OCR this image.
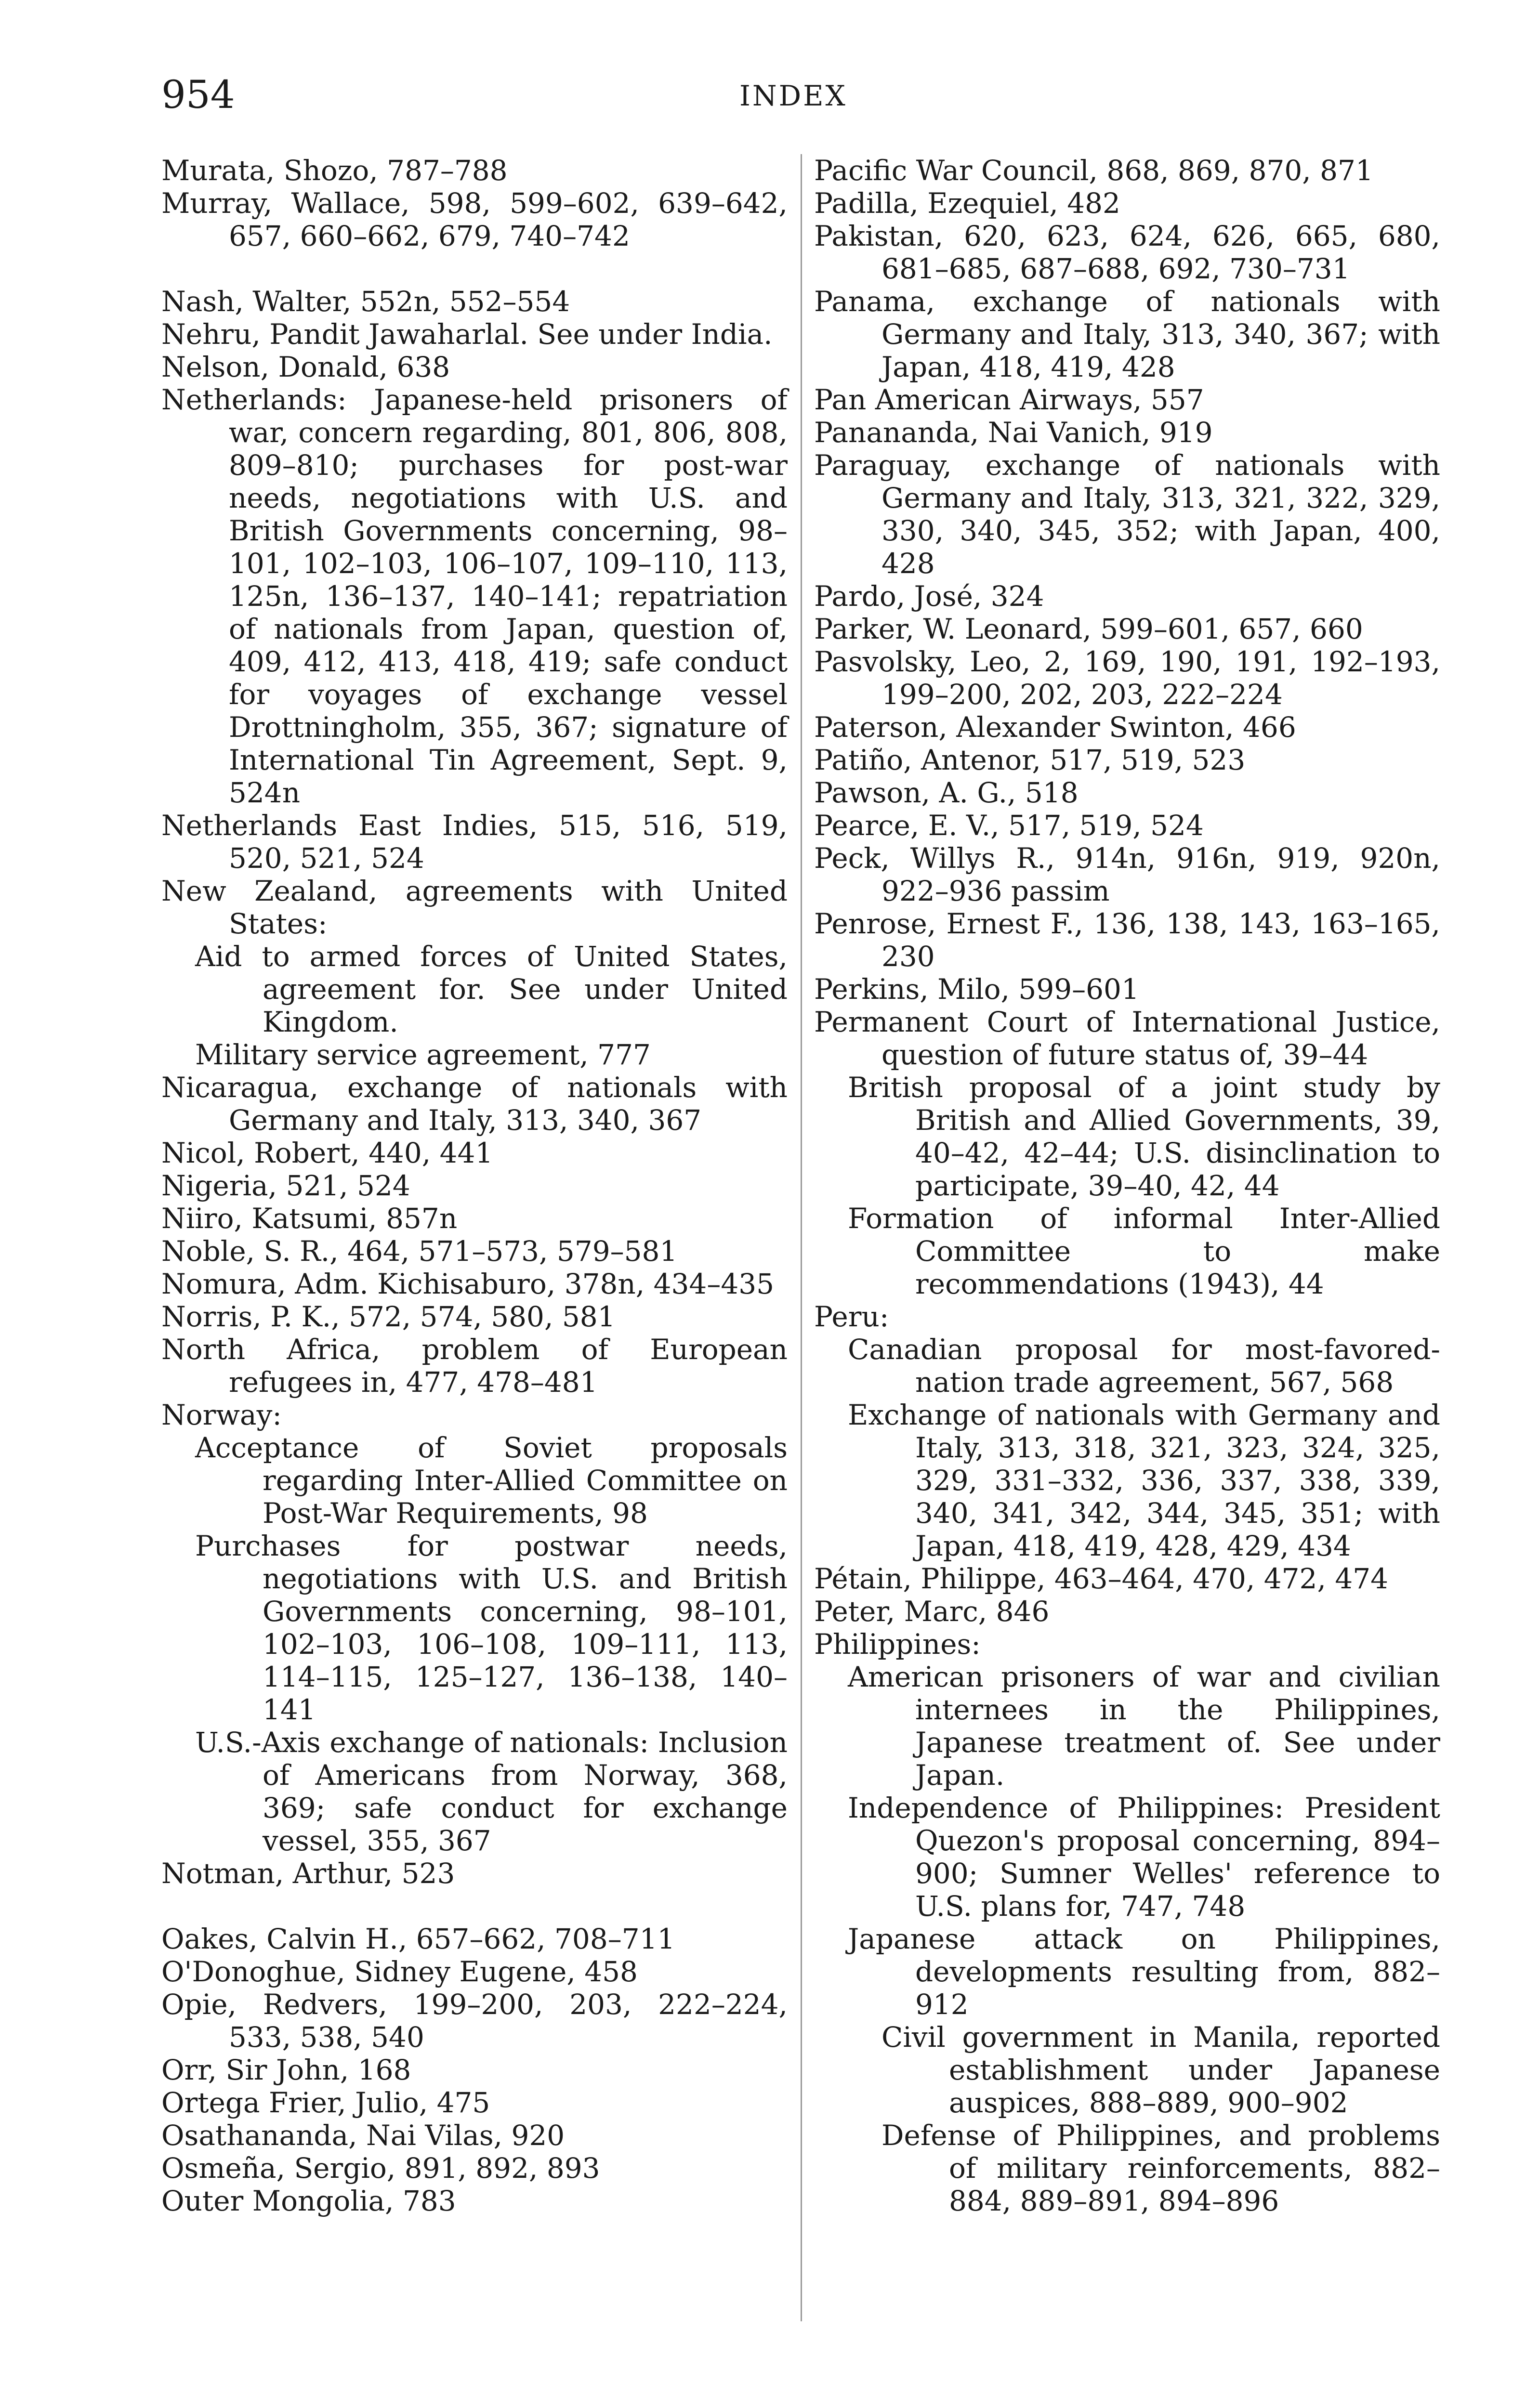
954	INDEX

Murata, Shozo, 787–788

Murray, Wallace, 598, 599–602, 639–642, 657, 660–662, 679, 740–742

Nash, Walter, 552n, 552–554

Nehru, Pandit Jawaharlal. See under India.

Nelson, Donald, 638

Netherlands: Japanese-held prisoners of war, concern regarding, 801, 806, 808, 809–810; purchases for post-war needs, negotiations with U.S. and British Governments concerning, 98–101, 102–103, 106–107, 109–110, 113, 125n, 136–137, 140–141; repatriation of nationals from Japan, question of, 409, 412, 413, 418, 419; safe conduct for voyages of exchange vessel Drottningholm, 355, 367; signature of International Tin Agreement, Sept. 9, 524n

Netherlands East Indies, 515, 516, 519, 520, 521, 524

New Zealand, agreements with United States:

Aid to armed forces of United States, agreement for. See under United Kingdom.

Military service agreement, 777

Nicaragua, exchange of nationals with Germany and Italy, 313, 340, 367

Nicol, Robert, 440, 441

Nigeria, 521, 524

Niiro, Katsumi, 857n

Noble, S. R., 464, 571–573, 579–581

Nomura, Adm. Kichisaburo, 378n, 434–435

Norris, P. K., 572, 574, 580, 581

North Africa, problem of European refugees in, 477, 478–481

Norway:

Acceptance of Soviet proposals regarding Inter-Allied Committee on Post-War Requirements, 98

Purchases for postwar needs, negotiations with U.S. and British Governments concerning, 98–101, 102–103, 106–108, 109–111, 113, 114–115, 125–127, 136–138, 140–141

U.S.-Axis exchange of nationals: Inclusion of Americans from Norway, 368, 369; safe conduct for exchange vessel, 355, 367

Notman, Arthur, 523

Oakes, Calvin H., 657–662, 708–711

O'Donoghue, Sidney Eugene, 458

Opie, Redvers, 199–200, 203, 222–224, 533, 538, 540

Orr, Sir John, 168

Ortega Frier, Julio, 475

Osathananda, Nai Vilas, 920

Osmeña, Sergio, 891, 892, 893

Outer Mongolia, 783

Pacific War Council, 868, 869, 870, 871

Padilla, Ezequiel, 482

Pakistan, 620, 623, 624, 626, 665, 680, 681–685, 687–688, 692, 730–731

Panama, exchange of nationals with Germany and Italy, 313, 340, 367; with Japan, 418, 419, 428

Pan American Airways, 557

Panananda, Nai Vanich, 919

Paraguay, exchange of nationals with Germany and Italy, 313, 321, 322, 329, 330, 340, 345, 352; with Japan, 400, 428

Pardo, José, 324

Parker, W. Leonard, 599–601, 657, 660

Pasvolsky, Leo, 2, 169, 190, 191, 192–193, 199–200, 202, 203, 222–224

Paterson, Alexander Swinton, 466

Patiño, Antenor, 517, 519, 523

Pawson, A. G., 518

Pearce, E. V., 517, 519, 524

Peck, Willys R., 914n, 916n, 919, 920n, 922–936 passim

Penrose, Ernest F., 136, 138, 143, 163–165, 230

Perkins, Milo, 599–601

Permanent Court of International Justice, question of future status of, 39–44

British proposal of a joint study by British and Allied Governments, 39, 40–42, 42–44; U.S. disinclination to participate, 39–40, 42, 44

Formation of informal Inter-Allied Committee to make recommendations (1943), 44

Peru:

Canadian proposal for most-favored-nation trade agreement, 567, 568

Exchange of nationals with Germany and Italy, 313, 318, 321, 323, 324, 325, 329, 331–332, 336, 337, 338, 339, 340, 341, 342, 344, 345, 351; with Japan, 418, 419, 428, 429, 434

Pétain, Philippe, 463–464, 470, 472, 474

Peter, Marc, 846

Philippines:

American prisoners of war and civilian internees in the Philippines, Japanese treatment of. See under Japan.

Independence of Philippines: President Quezon's proposal concerning, 894–900; Sumner Welles' reference to U.S. plans for, 747, 748

Japanese attack on Philippines, developments resulting from, 882–912

Civil government in Manila, reported establishment under Japanese auspices, 888–889, 900–902

Defense of Philippines, and problems of military reinforcements, 882–884, 889–891, 894–896
